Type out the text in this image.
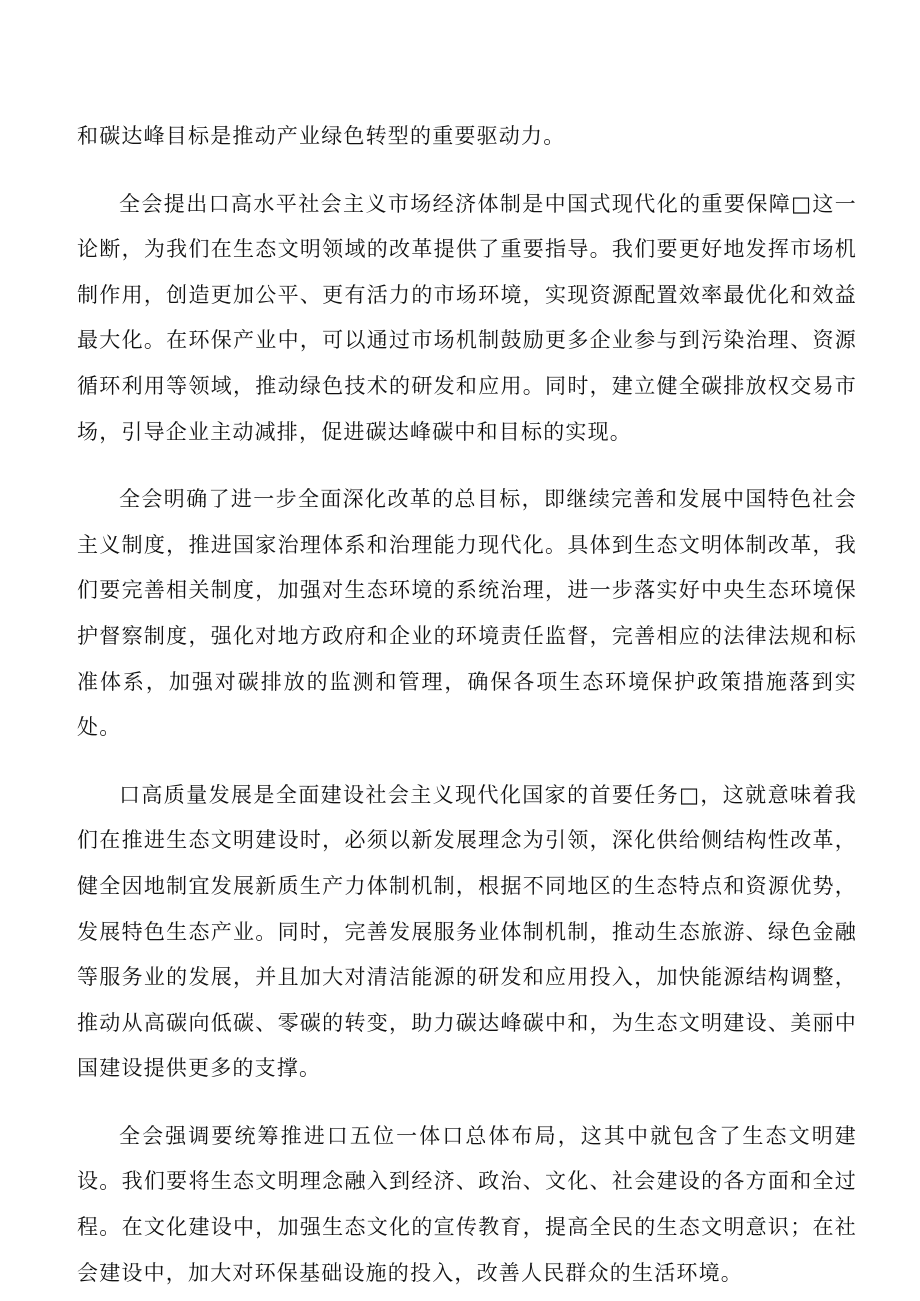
和碳达峰目标是推动产业绿色转型的重要驱动力。

全会提出口高水平社会主义市场经济体制是中国式现代化的重要保障□这一论断，为我们在生态文明领域的改革提供了重要指导。我们要更好地发挥市场机制作用，创造更加公平、更有活力的市场环境，实现资源配置效率最优化和效益最大化。在环保产业中，可以通过市场机制鼓励更多企业参与到污染治理、资源循环利用等领域，推动绿色技术的研发和应用。同时，建立健全碳排放权交易市场，引导企业主动减排，促进碳达峰碳中和目标的实现。

全会明确了进一步全面深化改革的总目标，即继续完善和发展中国特色社会主义制度，推进国家治理体系和治理能力现代化。具体到生态文明体制改革，我们要完善相关制度，加强对生态环境的系统治理，进一步落实好中央生态环境保护督察制度，强化对地方政府和企业的环境责任监督，完善相应的法律法规和标准体系，加强对碳排放的监测和管理，确保各项生态环境保护政策措施落到实处。

口高质量发展是全面建设社会主义现代化国家的首要任务□，这就意味着我们在推进生态文明建设时，必须以新发展理念为引领，深化供给侧结构性改革，健全因地制宜发展新质生产力体制机制，根据不同地区的生态特点和资源优势，发展特色生态产业。同时，完善发展服务业体制机制，推动生态旅游、绿色金融等服务业的发展，并且加大对清洁能源的研发和应用投入，加快能源结构调整，推动从高碳向低碳、零碳的转变，助力碳达峰碳中和，为生态文明建设、美丽中国建设提供更多的支撑。

全会强调要统筹推进口五位一体口总体布局，这其中就包含了生态文明建设。我们要将生态文明理念融入到经济、政治、文化、社会建设的各方面和全过程。在文化建设中，加强生态文化的宣传教育，提高全民的生态文明意识；在社会建设中，加大对环保基础设施的投入，改善人民群众的生活环境。
